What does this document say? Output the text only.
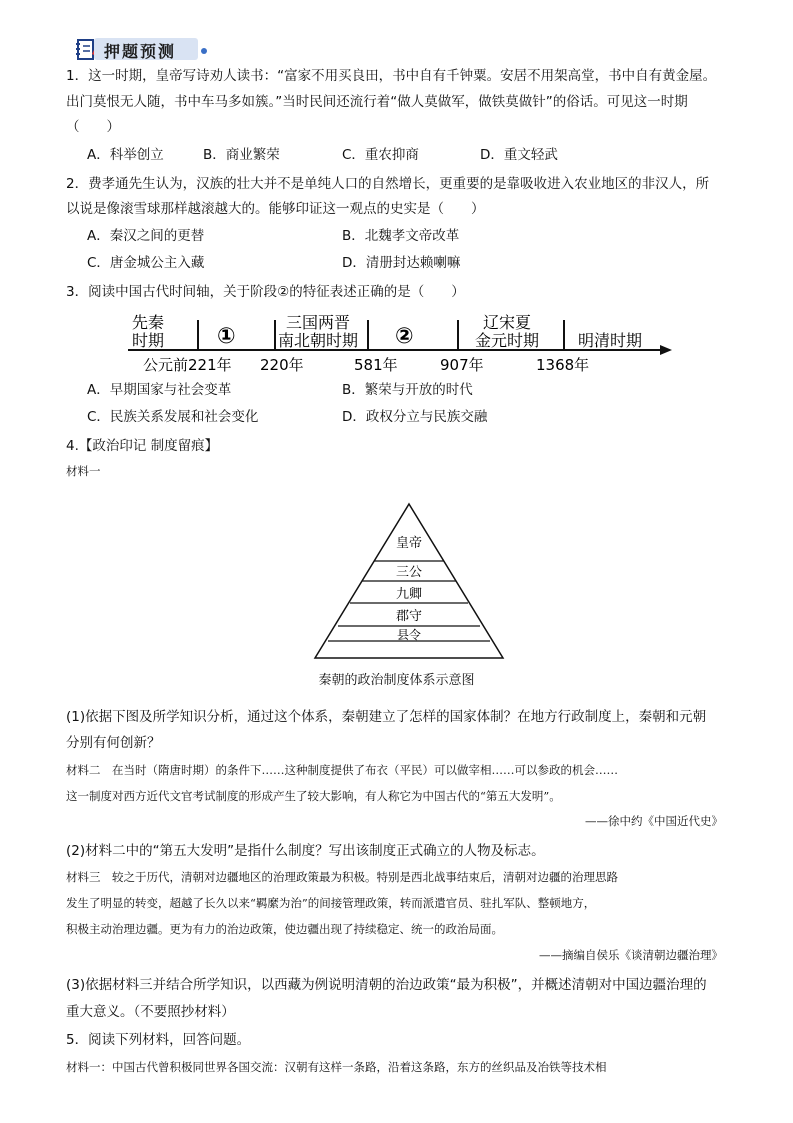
押题预测
1．这一时期，皇帝写诗劝人读书：“富家不用买良田，书中自有千钟粟。安居不用架高堂，书中自有黄金屋。
出门莫恨无人随，书中车马多如簇。”当时民间还流行着“做人莫做军，做铁莫做针”的俗话。可见这一时期
（　　）
A．科举创立	B．商业繁荣	C．重农抑商	D．重文轻武
2．费孝通先生认为，汉族的壮大并不是单纯人口的自然增长，更重要的是靠吸收进入农业地区的非汉人，所
以说是像滚雪球那样越滚越大的。能够印证这一观点的史实是（　　）
A．秦汉之间的更替	B．北魏孝文帝改革
C．唐金城公主入藏	D．清册封达赖喇嘛
3．阅读中国古代时间轴，关于阶段②的特征表述正确的是（　　）
先秦
时期 ①
三国两晋
南北朝时期 ②
辽宋夏
金元时期 明清时期
公元前221年 220年	581年	907年	1368年
A．早期国家与社会变革	B．繁荣与开放的时代
C．民族关系发展和社会变化	D．政权分立与民族交融
4.【政治印记 制度留痕】
材料一
皇帝
三公
九卿
郡守
县令
秦朝的政治制度体系示意图
(1)依据下图及所学知识分析，通过这个体系，秦朝建立了怎样的国家体制？在地方行政制度上，秦朝和元朝
分别有何创新？
材料二　在当时（隋唐时期）的条件下……这种制度提供了布衣（平民）可以做宰相……可以参政的机会……
这一制度对西方近代文官考试制度的形成产生了较大影响，有人称它为中国古代的“第五大发明”。
——徐中约《中国近代史》
(2)材料二中的“第五大发明”是指什么制度？写出该制度正式确立的人物及标志。
材料三　较之于历代，清朝对边疆地区的治理政策最为积极。特别是西北战事结束后，清朝对边疆的治理思路
发生了明显的转变，超越了长久以来“羁縻为治”的间接管理政策，转而派遣官员、驻扎军队、整顿地方，
积极主动治理边疆。更为有力的治边政策，使边疆出现了持续稳定、统一的政治局面。
——摘编自侯乐《谈清朝边疆治理》
(3)依据材料三并结合所学知识，以西藏为例说明清朝的治边政策“最为积极”，并概述清朝对中国边疆治理的
重大意义。（不要照抄材料）
5．阅读下列材料，回答问题。
材料一：中国古代曾积极同世界各国交流：汉朝有这样一条路，沿着这条路，东方的丝织品及冶铁等技术相
